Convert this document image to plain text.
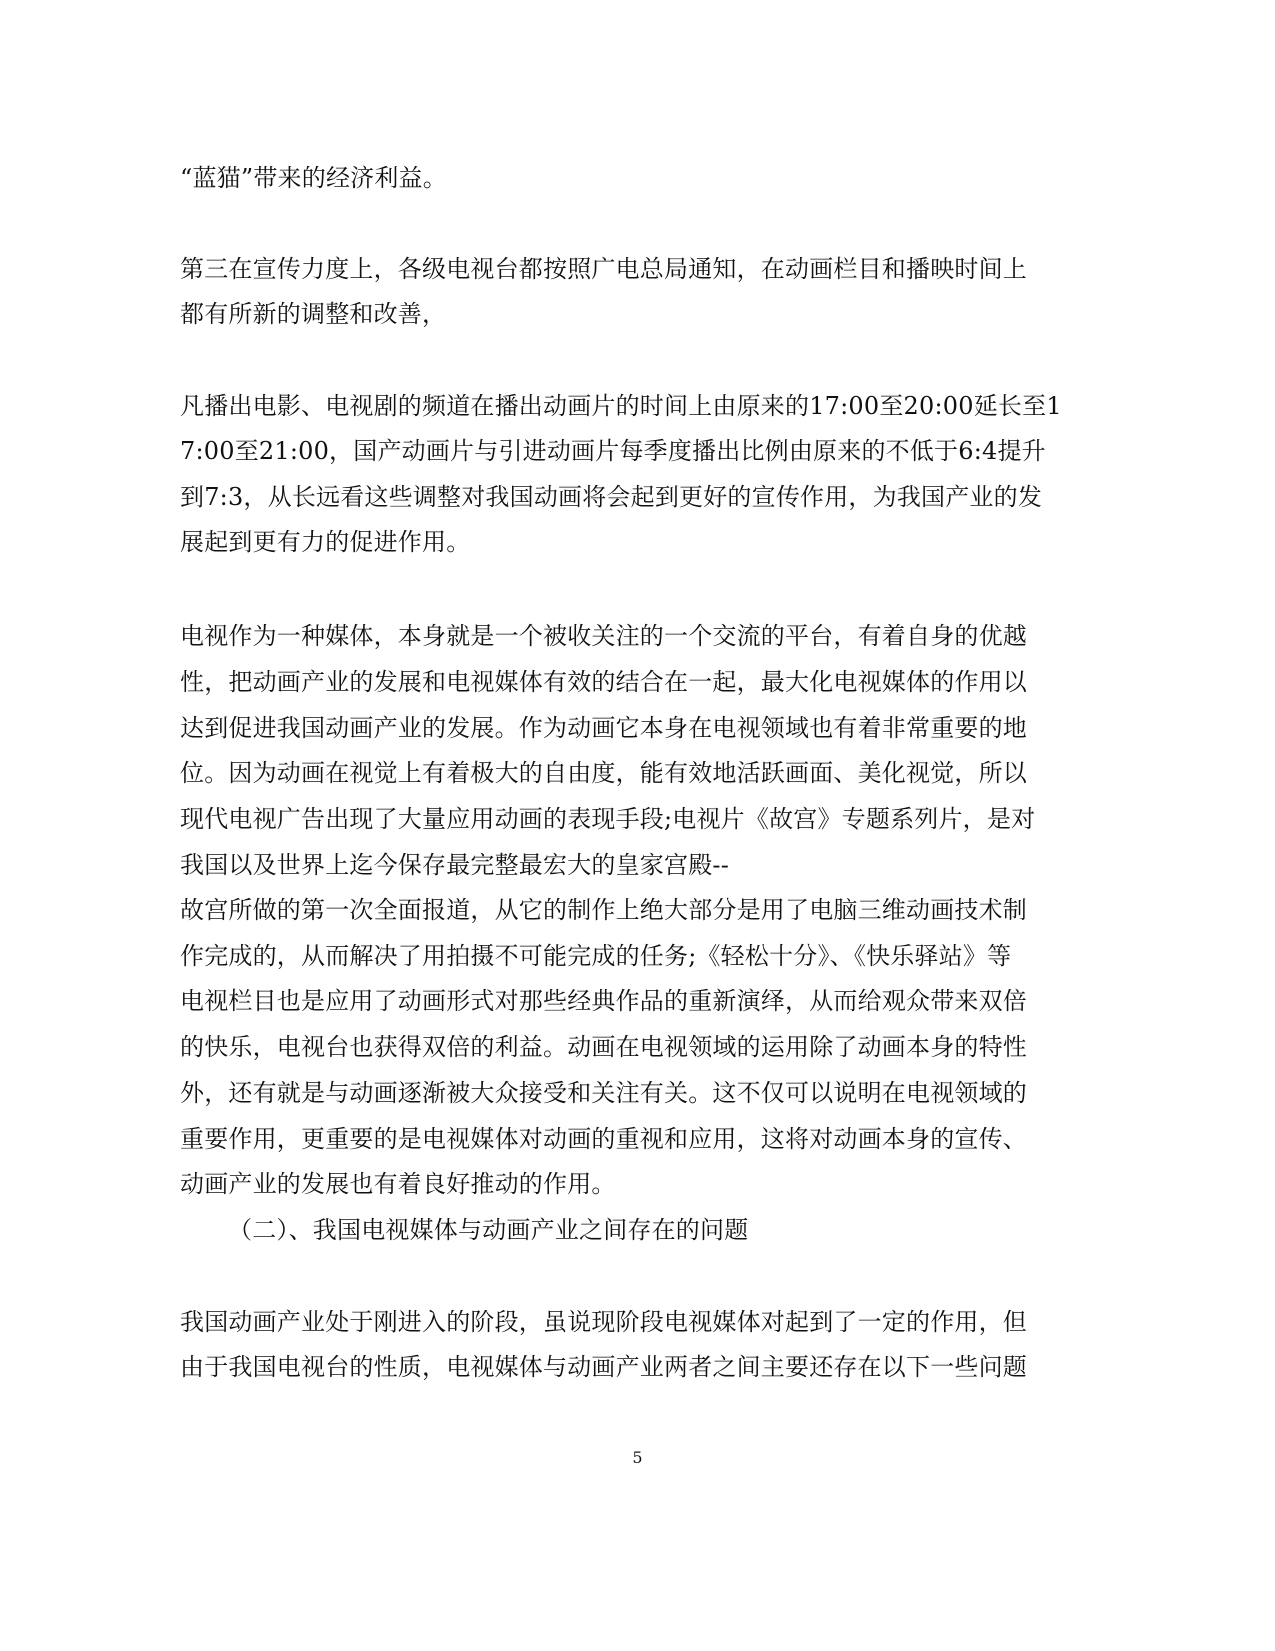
“蓝猫”带来的经济利益。
第三在宣传力度上，各级电视台都按照广电总局通知，在动画栏目和播映时间上
都有所新的调整和改善，
凡播出电影、电视剧的频道在播出动画片的时间上由原来的17:00至20:00延长至1
7:00至21:00，国产动画片与引进动画片每季度播出比例由原来的不低于6:4提升
到7:3，从长远看这些调整对我国动画将会起到更好的宣传作用，为我国产业的发
展起到更有力的促进作用。
电视作为一种媒体，本身就是一个被收关注的一个交流的平台，有着自身的优越
性，把动画产业的发展和电视媒体有效的结合在一起，最大化电视媒体的作用以
达到促进我国动画产业的发展。作为动画它本身在电视领域也有着非常重要的地
位。因为动画在视觉上有着极大的自由度，能有效地活跃画面、美化视觉，所以
现代电视广告出现了大量应用动画的表现手段;电视片《故宫》专题系列片，是对
我国以及世界上迄今保存最完整最宏大的皇家宫殿--
故宫所做的第一次全面报道，从它的制作上绝大部分是用了电脑三维动画技术制
作完成的，从而解决了用拍摄不可能完成的任务;《轻松十分》、《快乐驿站》等
电视栏目也是应用了动画形式对那些经典作品的重新演绎，从而给观众带来双倍
的快乐，电视台也获得双倍的利益。动画在电视领域的运用除了动画本身的特性
外，还有就是与动画逐渐被大众接受和关注有关。这不仅可以说明在电视领域的
重要作用，更重要的是电视媒体对动画的重视和应用，这将对动画本身的宣传、
动画产业的发展也有着良好推动的作用。
（二）、我国电视媒体与动画产业之间存在的问题
我国动画产业处于刚进入的阶段，虽说现阶段电视媒体对起到了一定的作用，但
由于我国电视台的性质，电视媒体与动画产业两者之间主要还存在以下一些问题
5
